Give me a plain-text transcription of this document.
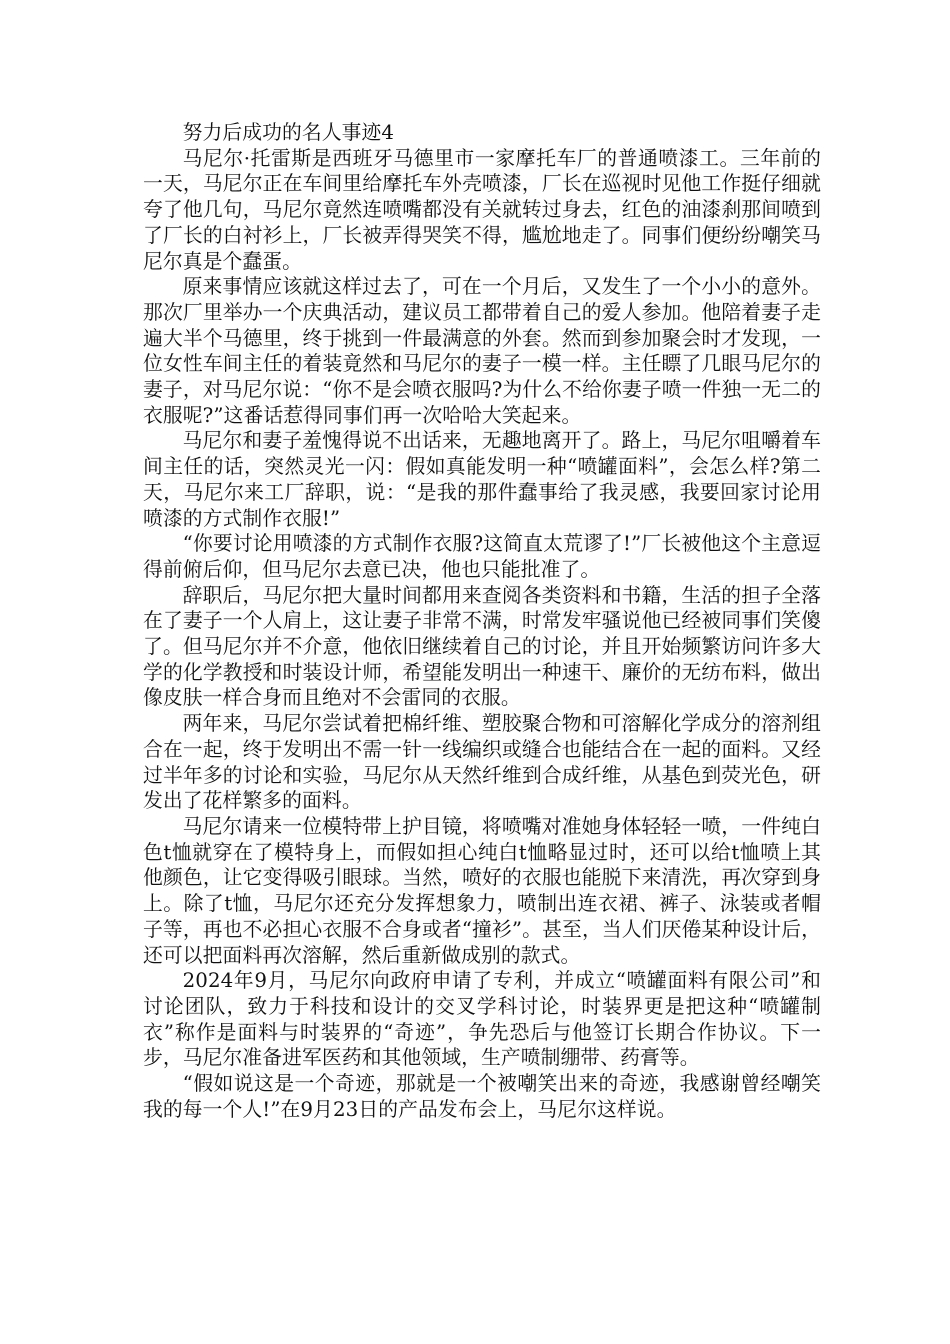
努力后成功的名人事迹4

马尼尔·托雷斯是西班牙马德里市一家摩托车厂的普通喷漆工。三年前的一天，马尼尔正在车间里给摩托车外壳喷漆，厂长在巡视时见他工作挺仔细就夸了他几句，马尼尔竟然连喷嘴都没有关就转过身去，红色的油漆刹那间喷到了厂长的白衬衫上，厂长被弄得哭笑不得，尴尬地走了。同事们便纷纷嘲笑马尼尔真是个蠢蛋。

原来事情应该就这样过去了，可在一个月后，又发生了一个小小的意外。那次厂里举办一个庆典活动，建议员工都带着自己的爱人参加。他陪着妻子走遍大半个马德里，终于挑到一件最满意的外套。然而到参加聚会时才发现，一位女性车间主任的着装竟然和马尼尔的妻子一模一样。主任瞟了几眼马尼尔的妻子，对马尼尔说：“你不是会喷衣服吗?为什么不给你妻子喷一件独一无二的衣服呢?”这番话惹得同事们再一次哈哈大笑起来。

马尼尔和妻子羞愧得说不出话来，无趣地离开了。路上，马尼尔咀嚼着车间主任的话，突然灵光一闪：假如真能发明一种“喷罐面料”，会怎么样?第二天，马尼尔来工厂辞职，说：“是我的那件蠢事给了我灵感，我要回家讨论用喷漆的方式制作衣服!”

“你要讨论用喷漆的方式制作衣服?这简直太荒谬了!”厂长被他这个主意逗得前俯后仰，但马尼尔去意已决，他也只能批准了。

辞职后，马尼尔把大量时间都用来查阅各类资料和书籍，生活的担子全落在了妻子一个人肩上，这让妻子非常不满，时常发牢骚说他已经被同事们笑傻了。但马尼尔并不介意，他依旧继续着自己的讨论，并且开始频繁访问许多大学的化学教授和时装设计师，希望能发明出一种速干、廉价的无纺布料，做出像皮肤一样合身而且绝对不会雷同的衣服。

两年来，马尼尔尝试着把棉纤维、塑胶聚合物和可溶解化学成分的溶剂组合在一起，终于发明出不需一针一线编织或缝合也能结合在一起的面料。又经过半年多的讨论和实验，马尼尔从天然纤维到合成纤维，从基色到荧光色，研发出了花样繁多的面料。

马尼尔请来一位模特带上护目镜，将喷嘴对准她身体轻轻一喷，一件纯白色t恤就穿在了模特身上，而假如担心纯白t恤略显过时，还可以给t恤喷上其他颜色，让它变得吸引眼球。当然，喷好的衣服也能脱下来清洗，再次穿到身上。除了t恤，马尼尔还充分发挥想象力，喷制出连衣裙、裤子、泳装或者帽子等，再也不必担心衣服不合身或者“撞衫”。甚至，当人们厌倦某种设计后，还可以把面料再次溶解，然后重新做成别的款式。

2024年9月，马尼尔向政府申请了专利，并成立“喷罐面料有限公司”和讨论团队，致力于科技和设计的交叉学科讨论，时装界更是把这种“喷罐制衣”称作是面料与时装界的“奇迹”，争先恐后与他签订长期合作协议。下一步，马尼尔准备进军医药和其他领域，生产喷制绷带、药膏等。

“假如说这是一个奇迹，那就是一个被嘲笑出来的奇迹，我感谢曾经嘲笑我的每一个人!”在9月23日的产品发布会上，马尼尔这样说。
